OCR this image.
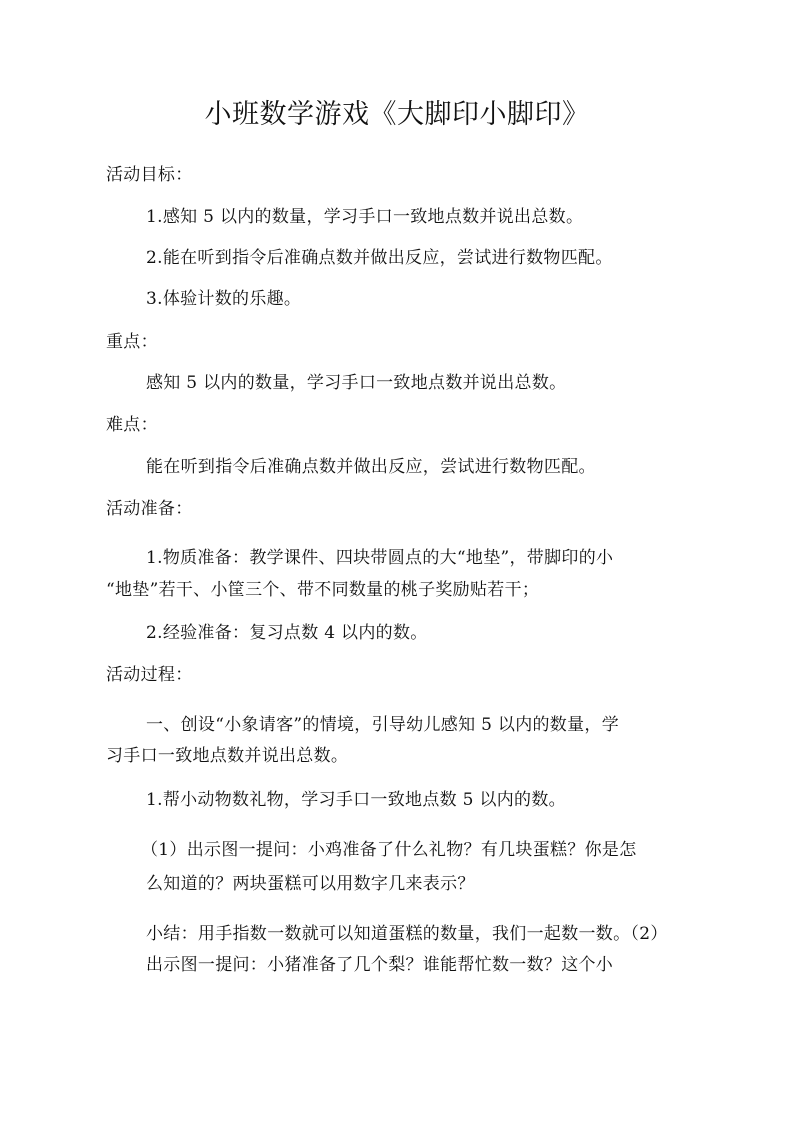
小班数学游戏《大脚印小脚印》
活动目标：
1.感知 5 以内的数量，学习手口一致地点数并说出总数。
2.能在听到指令后准确点数并做出反应，尝试进行数物匹配。
3.体验计数的乐趣。
重点：
感知 5 以内的数量，学习手口一致地点数并说出总数。
难点：
能在听到指令后准确点数并做出反应，尝试进行数物匹配。
活动准备：
1.物质准备：教学课件、四块带圆点的大“地垫”，带脚印的小
“地垫”若干、小筐三个、带不同数量的桃子奖励贴若干；
2.经验准备：复习点数 4 以内的数。
活动过程：
一、创设“小象请客”的情境，引导幼儿感知 5 以内的数量，学
习手口一致地点数并说出总数。
1.帮小动物数礼物，学习手口一致地点数 5 以内的数。
（1）出示图一提问：小鸡准备了什么礼物？有几块蛋糕？你是怎
么知道的？两块蛋糕可以用数字几来表示？
小结：用手指数一数就可以知道蛋糕的数量，我们一起数一数。（2）
出示图一提问：小猪准备了几个梨？谁能帮忙数一数？这个小
